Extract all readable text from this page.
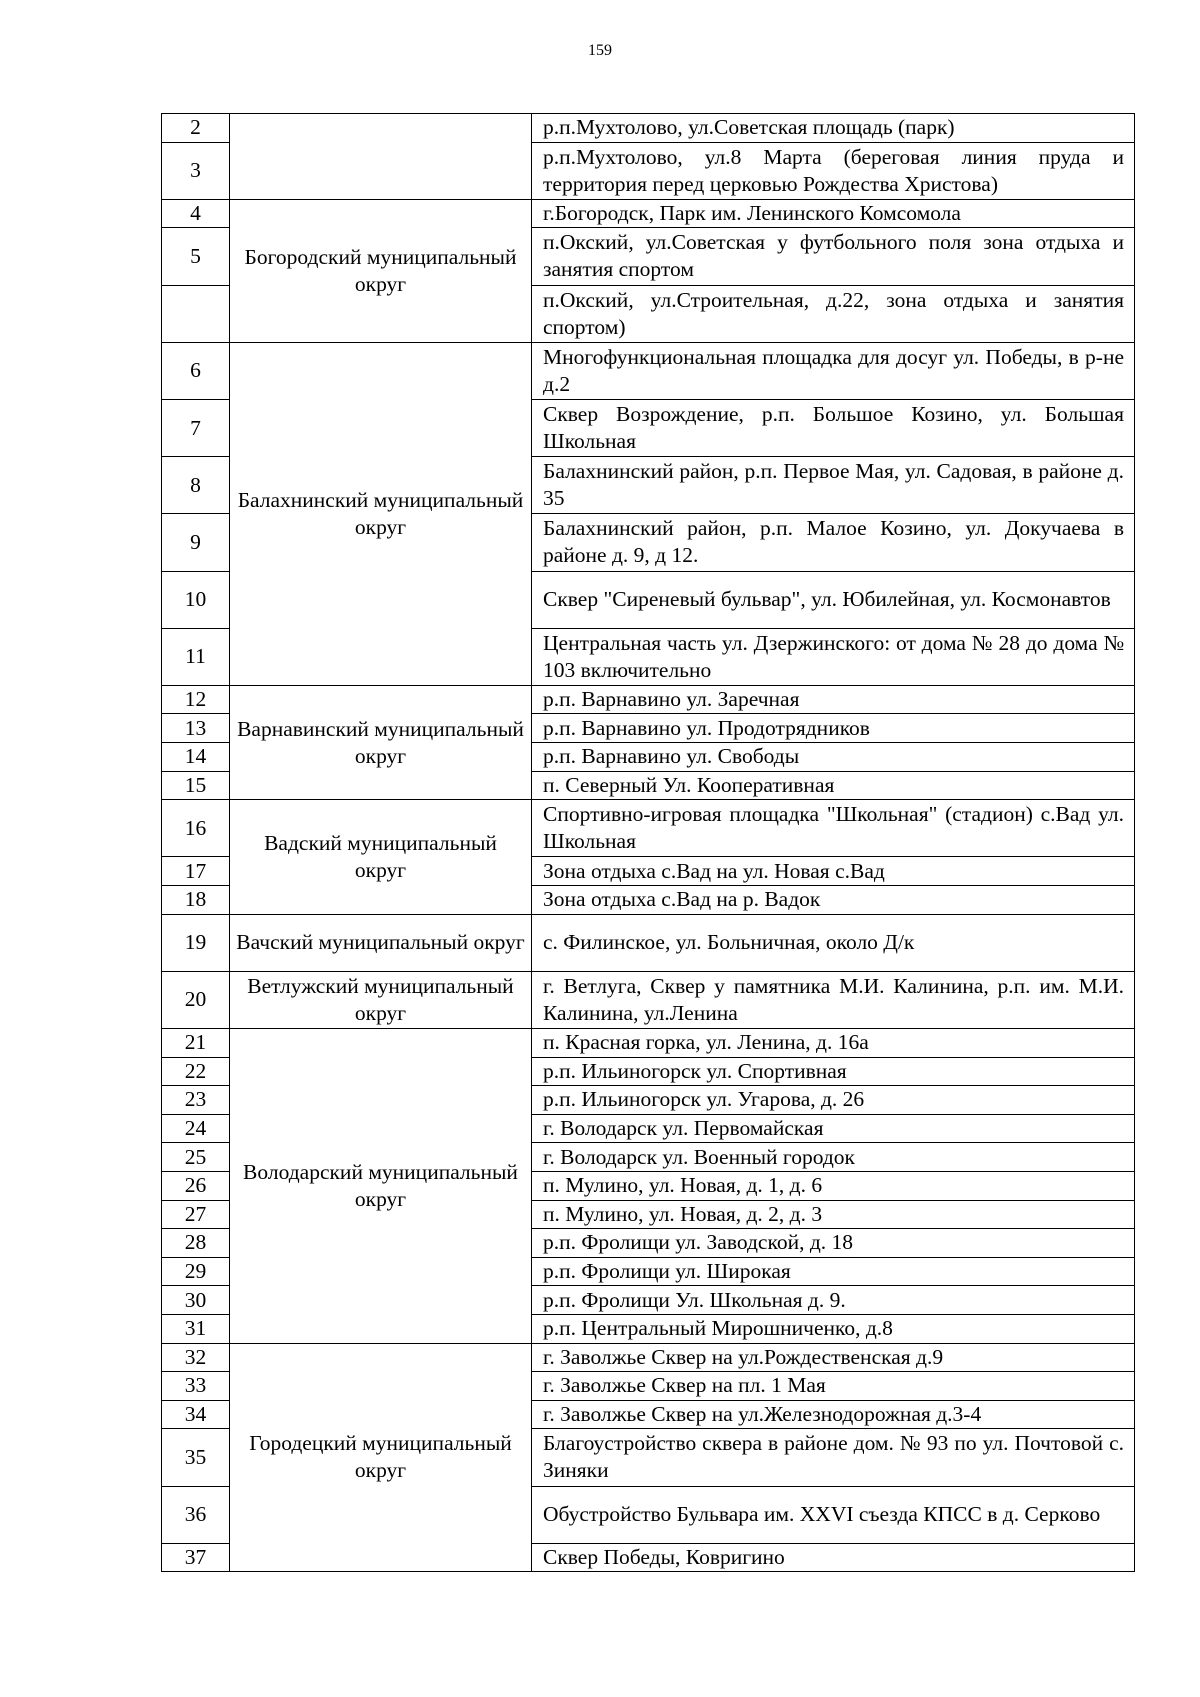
159
2		р.п.Мухтолово, ул.Советская площадь (парк)
3		р.п.Мухтолово, ул.8 Марта (береговая линия пруда и территория перед церковью Рождества Христова)
4	Богородский муниципальный округ	г.Богородск, Парк им. Ленинского Комсомола
5		п.Окский, ул.Советская у футбольного поля зона отдыха и занятия спортом
		п.Окский, ул.Строительная, д.22, зона отдыха и занятия спортом)
6	Балахнинский муниципальный округ	Многофункциональная площадка для досуг ул. Победы, в р-не д.2
7		Сквер Возрождение, р.п. Большое Козино, ул. Большая Школьная
8		Балахнинский район, р.п. Первое Мая, ул. Садовая, в районе д. 35
9		Балахнинский район, р.п. Малое Козино, ул. Докучаева в районе д. 9, д 12.
10		Сквер "Сиреневый бульвар", ул. Юбилейная, ул. Космонавтов
11		Центральная часть ул. Дзержинского: от дома № 28 до дома № 103 включительно
12	Варнавинский муниципальный округ	р.п. Варнавино ул. Заречная
13		р.п. Варнавино ул. Продотрядников
14		р.п. Варнавино ул. Свободы
15		п. Северный Ул. Кооперативная
16	Вадский муниципальный округ	Спортивно-игровая площадка "Школьная" (стадион) с.Вад ул. Школьная
17		Зона отдыха с.Вад на ул. Новая с.Вад
18		Зона отдыха с.Вад на р. Вадок
19	Вачский муниципальный округ	с. Филинское, ул. Больничная, около Д/к
20	Ветлужский муниципальный округ	г. Ветлуга, Сквер у памятника М.И. Калинина, р.п. им. М.И. Калинина, ул.Ленина
21	Володарский муниципальный округ	п. Красная горка, ул. Ленина, д. 16а
22		р.п. Ильиногорск ул. Спортивная
23		р.п. Ильиногорск ул. Угарова, д. 26
24		г. Володарск ул. Первомайская
25		г. Володарск ул. Военный городок
26		п. Мулино, ул. Новая, д. 1, д. 6
27		п. Мулино, ул. Новая, д. 2, д. 3
28		р.п. Фролищи ул. Заводской, д. 18
29		р.п. Фролищи ул. Широкая
30		р.п. Фролищи Ул. Школьная д. 9.
31		р.п. Центральный Мирошниченко, д.8
32	Городецкий муниципальный округ	г. Заволжье Сквер на ул.Рождественская д.9
33		г. Заволжье Сквер на пл. 1 Мая
34		г. Заволжье Сквер на ул.Железнодорожная д.3-4
35		Благоустройство сквера в районе дом. № 93 по ул. Почтовой с. Зиняки
36		Обустройство Бульвара им. XXVI съезда КПСС в д. Серково
37		Сквер Победы, Ковригино
